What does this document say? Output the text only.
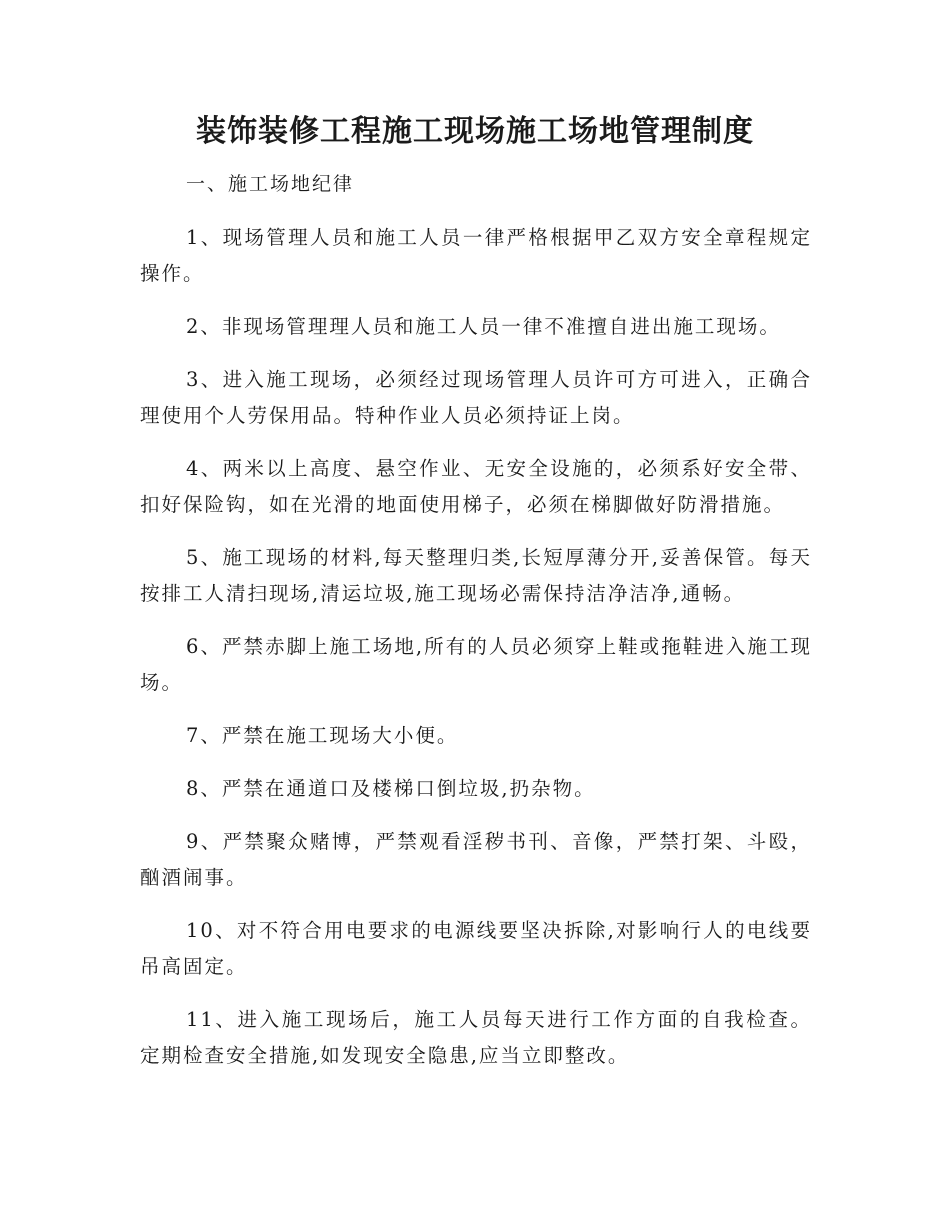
装饰装修工程施工现场施工场地管理制度

一、施工场地纪律

1、现场管理人员和施工人员一律严格根据甲乙双方安全章程规定操作。

2、非现场管理理人员和施工人员一律不准擅自进出施工现场。

3、进入施工现场，必须经过现场管理人员许可方可进入，正确合理使用个人劳保用品。特种作业人员必须持证上岗。

4、两米以上高度、悬空作业、无安全设施的，必须系好安全带、扣好保险钩，如在光滑的地面使用梯子，必须在梯脚做好防滑措施。

5、施工现场的材料,每天整理归类,长短厚薄分开,妥善保管。每天按排工人清扫现场,清运垃圾,施工现场必需保持洁净洁净,通畅。

6、严禁赤脚上施工场地,所有的人员必须穿上鞋或拖鞋进入施工现场。

7、严禁在施工现场大小便。

8、严禁在通道口及楼梯口倒垃圾,扔杂物。

9、严禁聚众赌博，严禁观看淫秽书刊、音像，严禁打架、斗殴，酗酒闹事。

10、对不符合用电要求的电源线要坚决拆除,对影响行人的电线要吊高固定。

11、进入施工现场后，施工人员每天进行工作方面的自我检查。定期检查安全措施,如发现安全隐患,应当立即整改。
